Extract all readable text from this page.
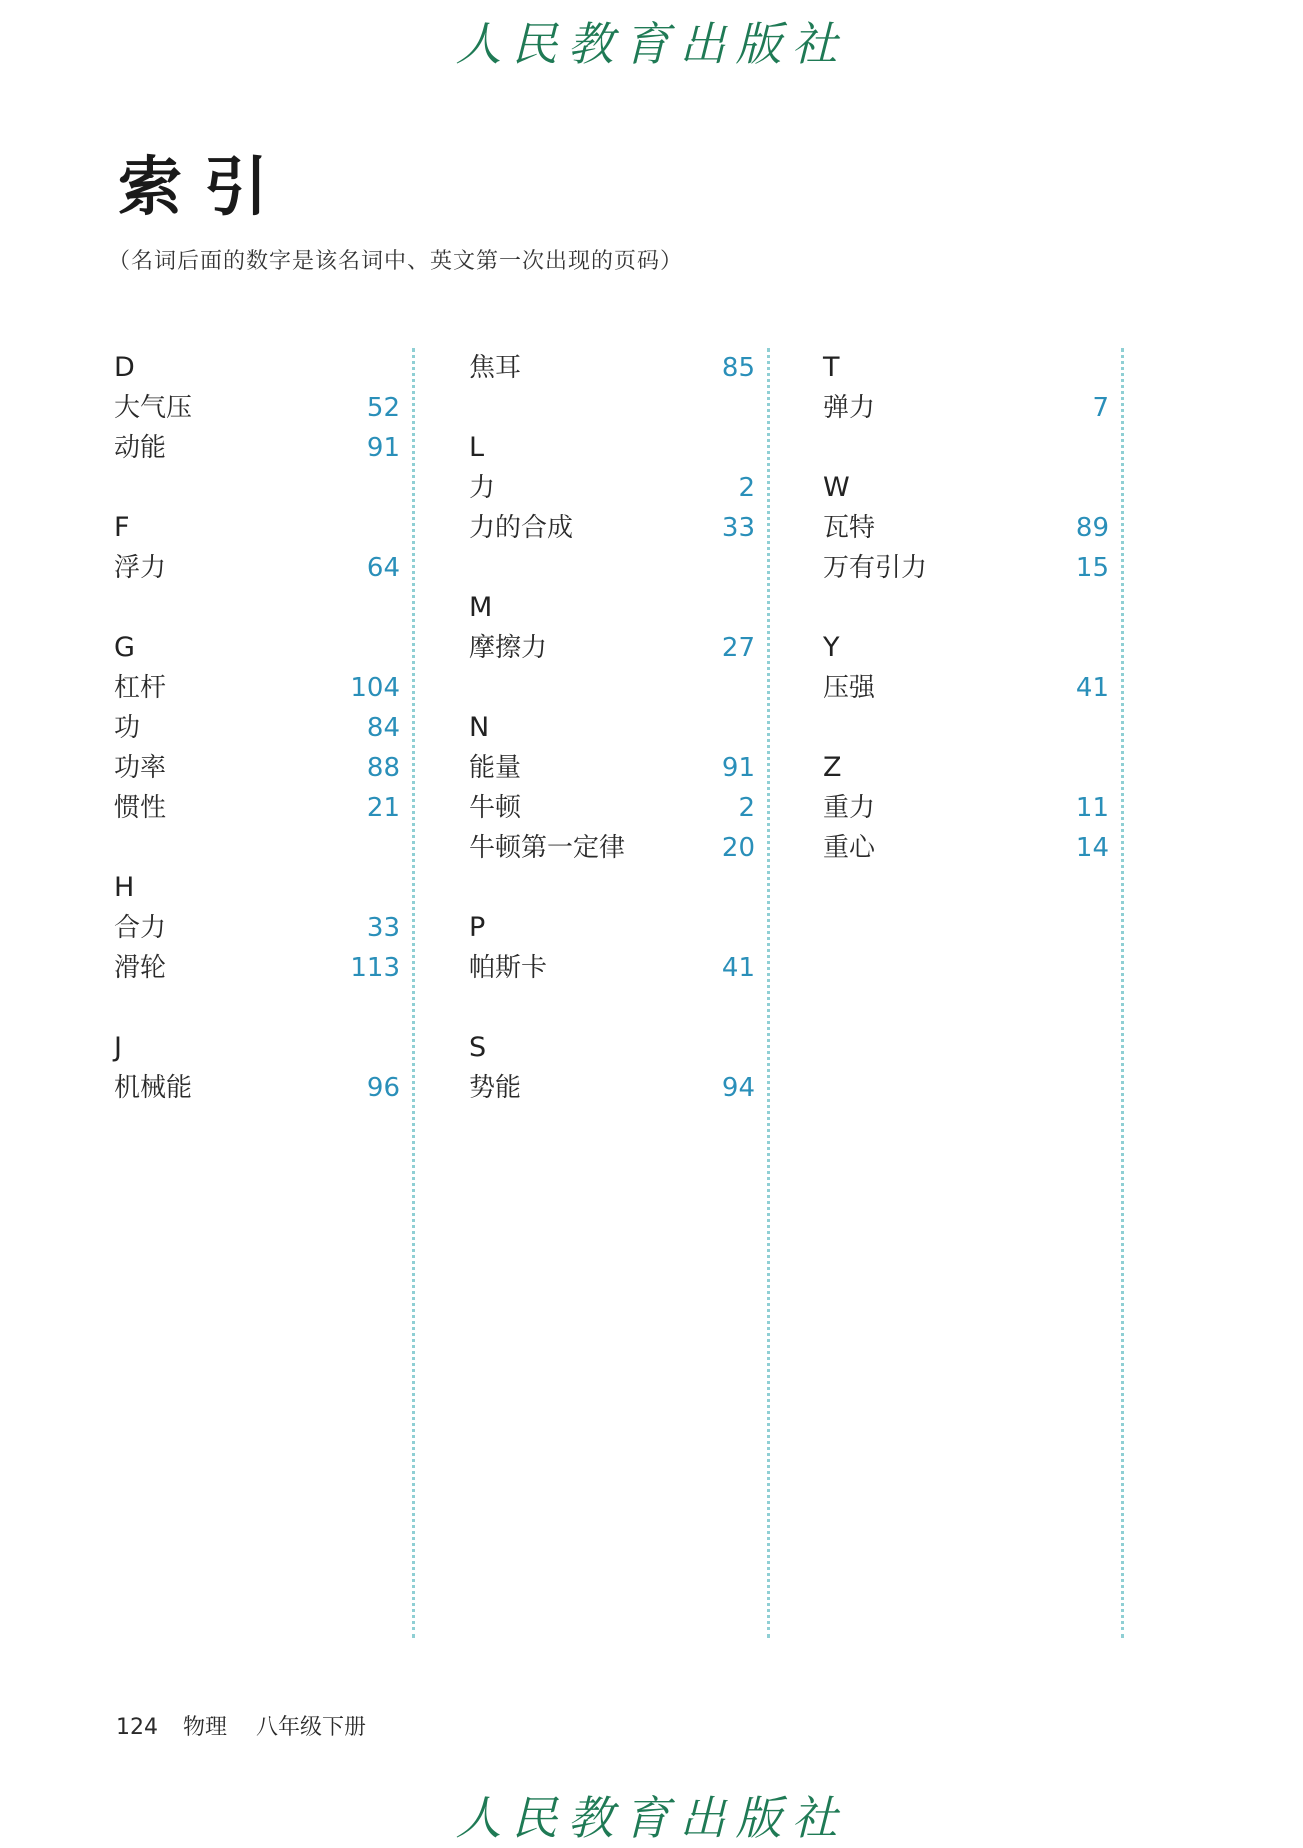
人民教育出版社
索引
（名词后面的数字是该名词中、英文第一次出现的页码）
D
大气压	52
动能	91
F
浮力	64
G
杠杆	104
功	84
功率	88
惯性	21
H
合力	33
滑轮	113
J
机械能	96
焦耳	85
L
力	2
力的合成	33
M
摩擦力	27
N
能量	91
牛顿	2
牛顿第一定律	20
P
帕斯卡	41
S
势能	94
T
弹力	7
W
瓦特	89
万有引力	15
Y
压强	41
Z
重力	11
重心	14
124 物理 八年级下册
人民教育出版社
